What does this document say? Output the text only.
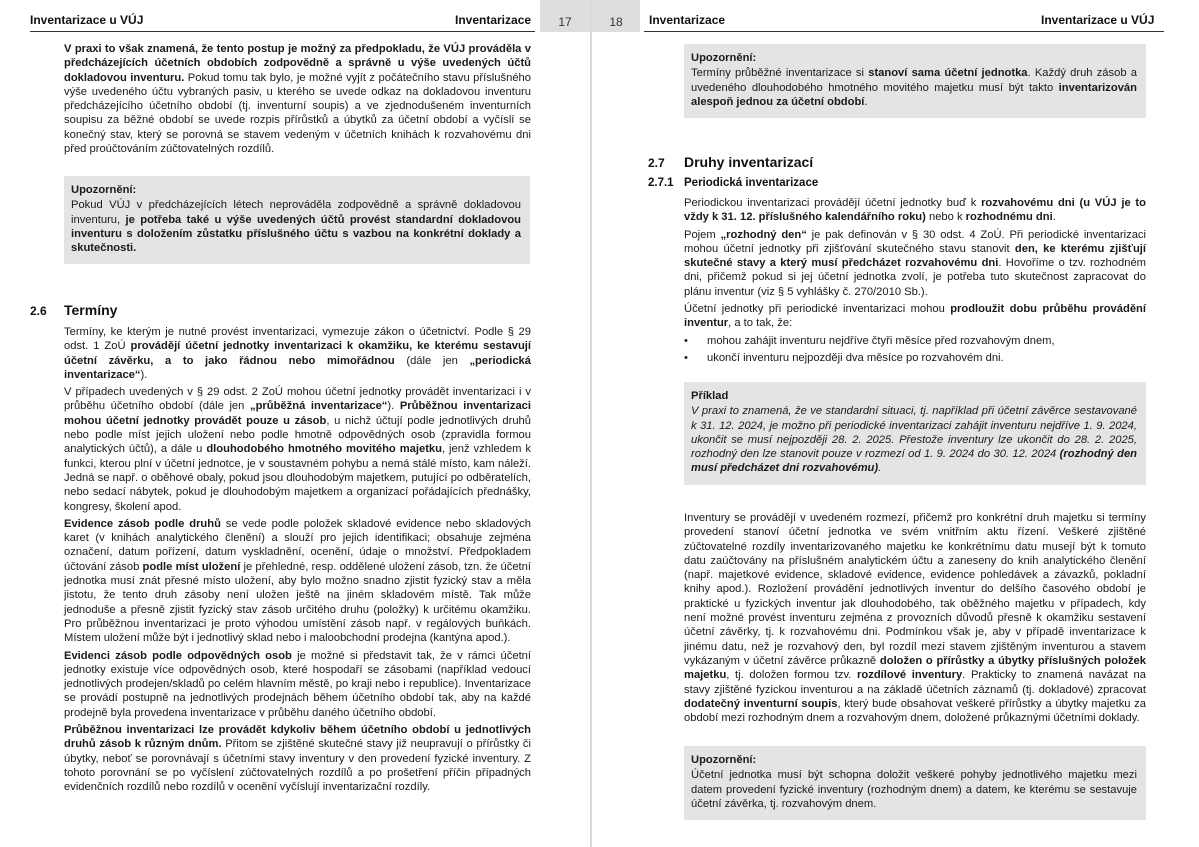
Inventarizace u VÚJ	Inventarizace	17

V praxi to však znamená, že tento postup je možný za předpokladu, že VÚJ prováděla v předcházejících účetních obdobích zodpovědně a správně u výše uvedených účtů dokladovou inventuru. Pokud tomu tak bylo, je možné vyjít z počátečního stavu příslušného výše uvedeného účtu vybraných pasiv, u kterého se uvede odkaz na dokladovou inventuru předcházejícího účetního období (tj. inventurní soupis) a ve zjednodušeném inventurních soupisu za běžné období se uvede rozpis přírůstků a úbytků za účetní období a vyčíslí se konečný stav, který se porovná se stavem vedeným v účetních knihách k rozvahovému dni před proúčtováním zúčtovatelných rozdílů.

Upozornění:

Pokud VÚJ v předcházejících létech neprováděla zodpovědně a správně dokladovou inventuru, je potřeba také u výše uvedených účtů provést standardní dokladovou inventuru s doložením zůstatku příslušného účtu s vazbou na konkrétní doklady a skutečnosti.

2.6 Termíny

Termíny, ke kterým je nutné provést inventarizaci, vymezuje zákon o účetnictví. Podle § 29 odst. 1 ZoÚ provádějí účetní jednotky inventarizaci k okamžiku, ke kterému sestavují účetní závěrku, a to jako řádnou nebo mimořádnou (dále jen „periodická inventarizace“).

V případech uvedených v § 29 odst. 2 ZoÚ mohou účetní jednotky provádět inventarizaci i v průběhu účetního období (dále jen „průběžná inventarizace“). Průběžnou inventarizaci mohou účetní jednotky provádět pouze u zásob, u nichž účtují podle jednotlivých druhů nebo podle míst jejich uložení nebo podle hmotně odpovědných osob (zpravidla formou analytických účtů), a dále u dlouhodobého hmotného movitého majetku, jenž vzhledem k funkci, kterou plní v účetní jednotce, je v soustavném pohybu a nemá stálé místo, kam náleží. Jedná se např. o oběhové obaly, pokud jsou dlouhodobým majetkem, putující po odběratelích, nebo sedací nábytek, pokud je dlouhodobým majetkem a organizací pořádajících přednášky, kongresy, školení apod.

Evidence zásob podle druhů se vede podle položek skladové evidence nebo skladových karet (v knihách analytického členění) a slouží pro jejich identifikaci; obsahuje zejména označení, datum pořízení, datum vyskladnění, ocenění, údaje o množství. Předpokladem účtování zásob podle míst uložení je přehledné, resp. oddělené uložení zásob, tzn. že účetní jednotka musí znát přesné místo uložení, aby bylo možno snadno zjistit fyzický stav a měla jistotu, že tento druh zásoby není uložen ještě na jiném skladovém místě. Tak může jednoduše a přesně zjistit fyzický stav zásob určitého druhu (položky) k určitému okamžiku. Pro průběžnou inventarizaci je proto výhodou umístění zásob např. v regálových buňkách. Místem uložení může být i jednotlivý sklad nebo i maloobchodní prodejna (kantýna apod.).

Evidenci zásob podle odpovědných osob je možné si představit tak, že v rámci účetní jednotky existuje více odpovědných osob, které hospodaří se zásobami (například vedoucí jednotlivých prodejen/skladů po celém hlavním městě, po kraji nebo i republice). Inventarizace se provádí postupně na jednotlivých prodejnách během účetního období tak, aby na každé prodejně byla provedena inventarizace v průběhu daného účetního období.

Průběžnou inventarizaci lze provádět kdykoliv během účetního období u jednotlivých druhů zásob k různým dnům. Přitom se zjištěné skutečné stavy již neupravují o přírůstky či úbytky, neboť se porovnávají s účetními stavy inventury v den provedení fyzické inventury. Z tohoto porovnání se po vyčíslení zúčtovatelných rozdílů a po prošetření příčin případných evidenčních rozdílů nebo rozdílů v ocenění vyčíslují inventarizační rozdíly.

18	Inventarizace	Inventarizace u VÚJ
Upozornění:

Termíny průběžné inventarizace si stanoví sama účetní jednotka. Každý druh zásob a uvedeného dlouhodobého hmotného movitého majetku musí být takto inventarizován alespoň jednou za účetní období.

2.7 Druhy inventarizací
2.7.1 Periodická inventarizace

Periodickou inventarizaci provádějí účetní jednotky buď k rozvahovému dni (u VÚJ je to vždy k 31. 12. příslušného kalendářního roku) nebo k rozhodnému dni.

Pojem „rozhodný den“ je pak definován v § 30 odst. 4 ZoÚ. Při periodické inventarizaci mohou účetní jednotky při zjišťování skutečného stavu stanovit den, ke kterému zjišťují skutečné stavy a který musí předcházet rozvahovému dni. Hovoříme o tzv. rozhodném dni, přičemž pokud si jej účetní jednotka zvolí, je potřeba tuto skutečnost zapracovat do plánu inventur (viz § 5 vyhlášky č. 270/2010 Sb.).

Účetní jednotky při periodické inventarizaci mohou prodloužit dobu průběhu provádění inventur, a to tak, že:

• mohou zahájit inventuru nejdříve čtyři měsíce před rozvahovým dnem,
• ukončí inventuru nejpozději dva měsíce po rozvahovém dni.
Příklad

V praxi to znamená, že ve standardní situaci, tj. například při účetní závěrce sestavované k 31. 12. 2024, je možno při periodické inventarizaci zahájit inventuru nejdříve 1. 9. 2024, ukončit se musí nejpozději 28. 2. 2025. Přestože inventury lze ukončit do 28. 2. 2025, rozhodný den lze stanovit pouze v rozmezí od 1. 9. 2024 do 30. 12. 2024 (rozhodný den musí předcházet dni rozvahovému).

Inventury se provádějí v uvedeném rozmezí, přičemž pro konkrétní druh majetku si termíny provedení stanoví účetní jednotka ve svém vnitřním aktu řízení. Veškeré zjištěné zúčtovatelné rozdíly inventarizovaného majetku ke konkrétnímu datu musejí být k tomuto datu zaúčtovány na příslušném analytickém účtu a zaneseny do knih analytického členění (např. majetkové evidence, skladové evidence, evidence pohledávek a závazků, pokladní knihy apod.). Rozložení provádění jednotlivých inventur do delšího časového období je praktické u fyzických inventur jak dlouhodobého, tak oběžného majetku v případech, kdy není možné provést inventuru zejména z provozních důvodů přesně k okamžiku sestavení účetní závěrky, tj. k rozvahovému dni. Podmínkou však je, aby v případě inventarizace k jinému datu, než je rozvahový den, byl rozdíl mezi stavem zjištěným inventurou a stavem vykázaným v účetní závěrce průkazně doložen o přírůstky a úbytky příslušných položek majetku, tj. doložen formou tzv. rozdílové inventury. Prakticky to znamená navázat na stavy zjištěné fyzickou inventurou a na základě účetních záznamů (tj. dokladové) zpracovat dodatečný inventurní soupis, který bude obsahovat veškeré přírůstky a úbytky majetku za období mezi rozhodným dnem a rozvahovým dnem, doložené průkaznými účetními doklady.

Upozornění:

Účetní jednotka musí být schopna doložit veškeré pohyby jednotlivého majetku mezi datem provedení fyzické inventury (rozhodným dnem) a datem, ke kterému se sestavuje účetní závěrka, tj. rozvahovým dnem.
